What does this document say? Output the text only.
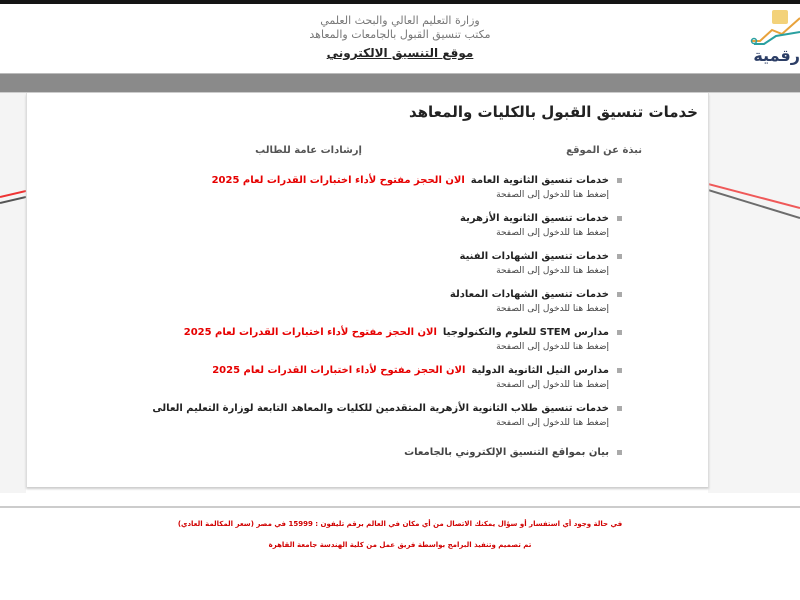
وزارة التعليم العالي والبحث العلمي
مكتب تنسيق القبول بالجامعات والمعاهد
موقع التنسيق الالكتروني	رقمية
خدمات تنسيق القبول بالكليات والمعاهد
نبذة عن الموقع
إرشادات عامة للطالب
خدمات تنسيق الثانوية العامةالان الحجز مفتوح لأداء اختبارات القدرات لعام 2025
إضغط هنا للدخول إلى الصفحة
خدمات تنسيق الثانوية الأزهرية
إضغط هنا للدخول إلى الصفحة
خدمات تنسيق الشهادات الفنية
إضغط هنا للدخول إلى الصفحة
خدمات تنسيق الشهادات المعادلة
إضغط هنا للدخول إلى الصفحة
مدارس STEM للعلوم والتكنولوجياالان الحجز مفتوح لأداء اختبارات القدرات لعام 2025
إضغط هنا للدخول إلى الصفحة
مدارس النيل الثانوية الدوليةالان الحجز مفتوح لأداء اختبارات القدرات لعام 2025
إضغط هنا للدخول إلى الصفحة
خدمات تنسيق طلاب الثانوية الأزهرية المتقدمين للكليات والمعاهد التابعة لوزارة التعليم العالى
إضغط هنا للدخول إلى الصفحة
بيان بمواقع التنسيق الإلكتروني بالجامعات

في حالة وجود أي استفسار أو سؤال يمكنك الاتصال من أي مكان في العالم برقم تليفون : 15999 في مصر (سعر المكالمة العادي)

تم تصميم وتنفيذ البرامج بواسطة فريق عمل من كلية الهندسة جامعة القاهرة
